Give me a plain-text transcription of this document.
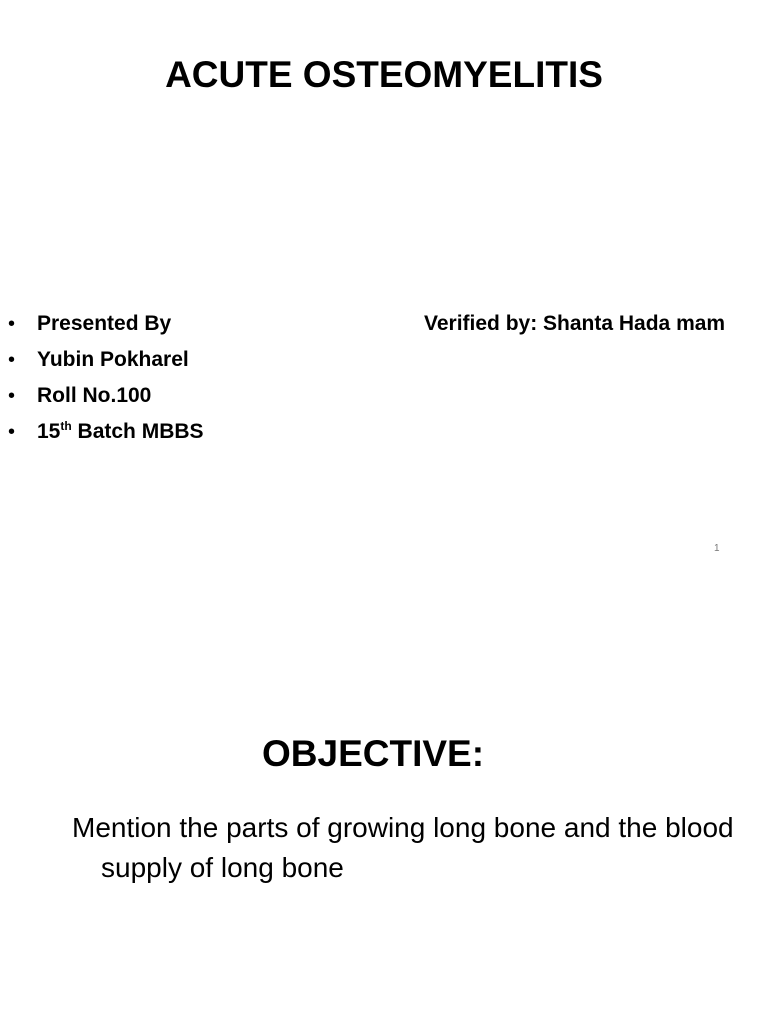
ACUTE OSTEOMYELITIS
• Presented By
• Yubin Pokharel
• Roll No.100
• 15th Batch MBBS
Verified by: Shanta Hada mam
1
OBJECTIVE:
Mention the parts of growing long bone and the blood supply of long bone
